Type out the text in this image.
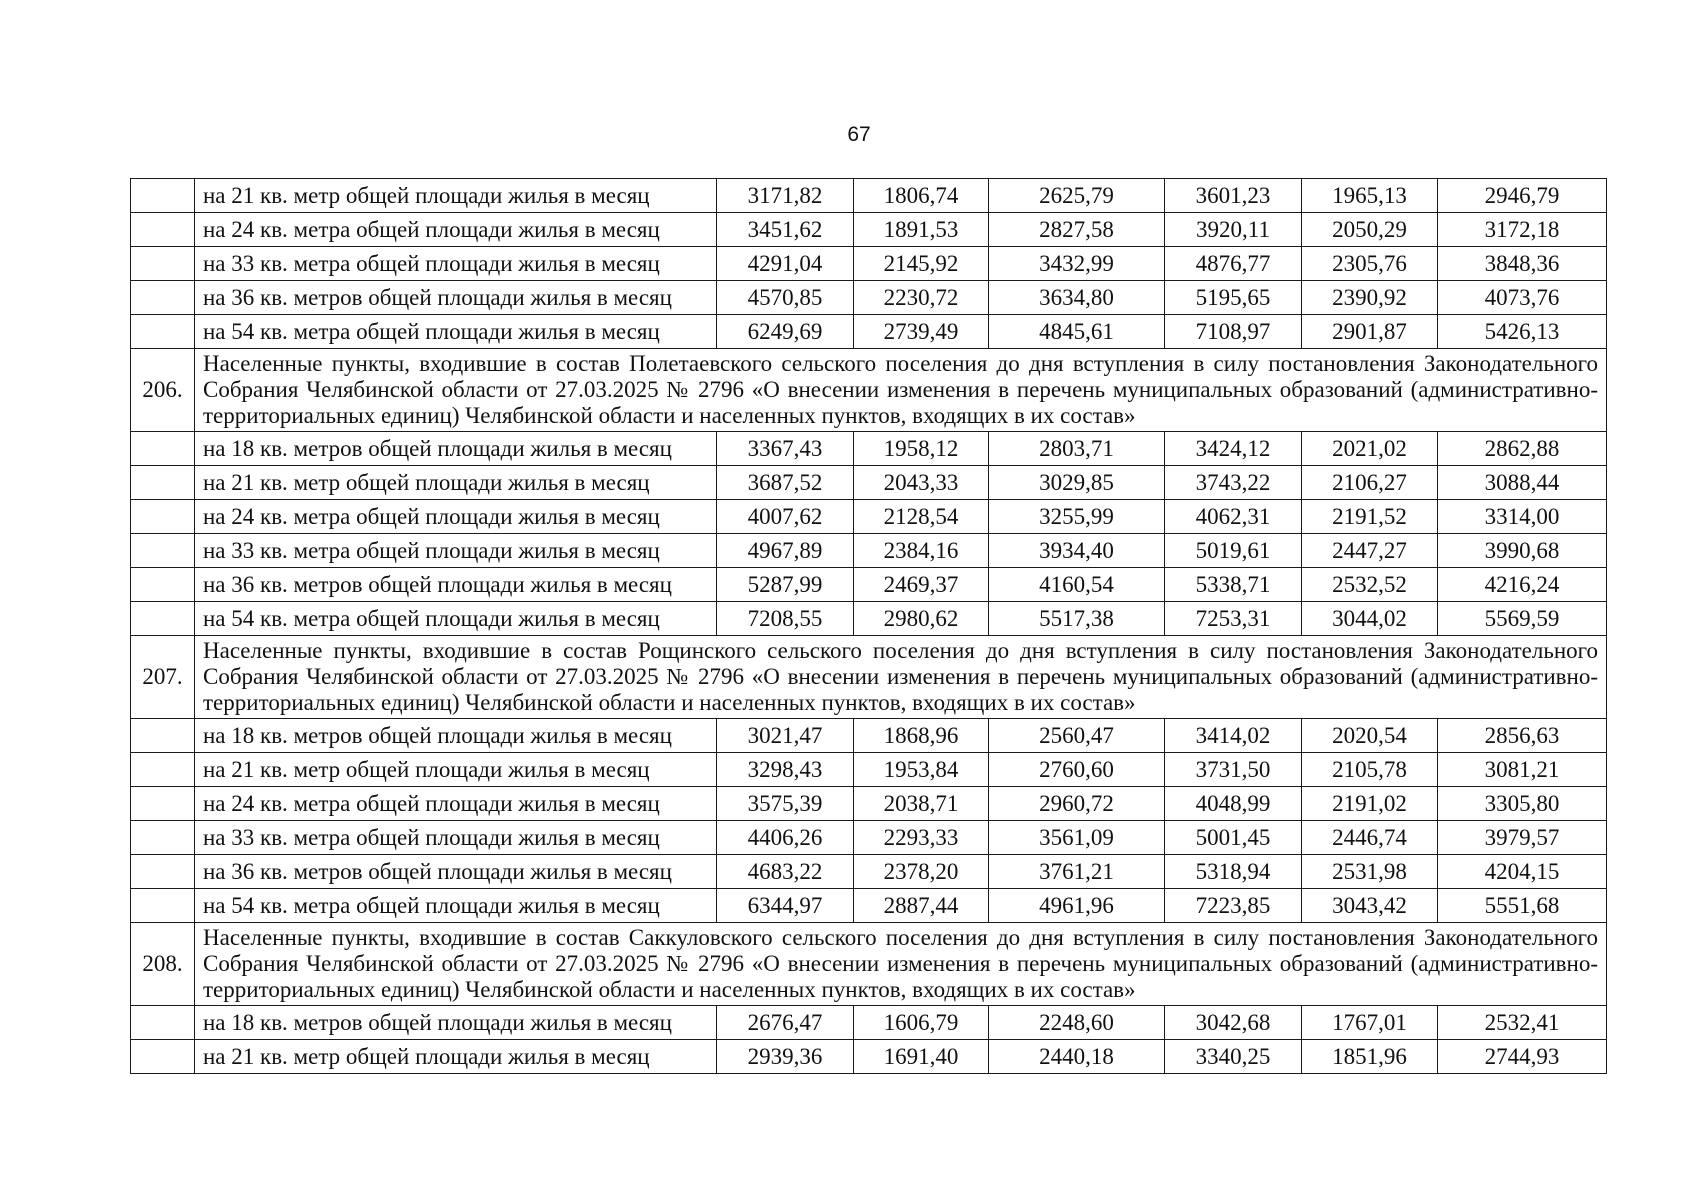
67
	на 21 кв. метр общей площади жилья в месяц	3171,82	1806,74	2625,79	3601,23	1965,13	2946,79
	на 24 кв. метра общей площади жилья в месяц	3451,62	1891,53	2827,58	3920,11	2050,29	3172,18
	на 33 кв. метра общей площади жилья в месяц	4291,04	2145,92	3432,99	4876,77	2305,76	3848,36
	на 36 кв. метров общей площади жилья в месяц	4570,85	2230,72	3634,80	5195,65	2390,92	4073,76
	на 54 кв. метра общей площади жилья в месяц	6249,69	2739,49	4845,61	7108,97	2901,87	5426,13
206.	Населенные пункты, входившие в состав Полетаевского сельского поселения до дня вступления в силу постановления Законодательного Собрания Челябинской области от 27.03.2025 № 2796 «О внесении изменения в перечень муниципальных образований (административно-территориальных единиц) Челябинской области и населенных пунктов, входящих в их состав»						
	на 18 кв. метров общей площади жилья в месяц	3367,43	1958,12	2803,71	3424,12	2021,02	2862,88
	на 21 кв. метр общей площади жилья в месяц	3687,52	2043,33	3029,85	3743,22	2106,27	3088,44
	на 24 кв. метра общей площади жилья в месяц	4007,62	2128,54	3255,99	4062,31	2191,52	3314,00
	на 33 кв. метра общей площади жилья в месяц	4967,89	2384,16	3934,40	5019,61	2447,27	3990,68
	на 36 кв. метров общей площади жилья в месяц	5287,99	2469,37	4160,54	5338,71	2532,52	4216,24
	на 54 кв. метра общей площади жилья в месяц	7208,55	2980,62	5517,38	7253,31	3044,02	5569,59
207.	Населенные пункты, входившие в состав Рощинского сельского поселения до дня вступления в силу постановления Законодательного Собрания Челябинской области от 27.03.2025 № 2796 «О внесении изменения в перечень муниципальных образований (административно-территориальных единиц) Челябинской области и населенных пунктов, входящих в их состав»						
	на 18 кв. метров общей площади жилья в месяц	3021,47	1868,96	2560,47	3414,02	2020,54	2856,63
	на 21 кв. метр общей площади жилья в месяц	3298,43	1953,84	2760,60	3731,50	2105,78	3081,21
	на 24 кв. метра общей площади жилья в месяц	3575,39	2038,71	2960,72	4048,99	2191,02	3305,80
	на 33 кв. метра общей площади жилья в месяц	4406,26	2293,33	3561,09	5001,45	2446,74	3979,57
	на 36 кв. метров общей площади жилья в месяц	4683,22	2378,20	3761,21	5318,94	2531,98	4204,15
	на 54 кв. метра общей площади жилья в месяц	6344,97	2887,44	4961,96	7223,85	3043,42	5551,68
208.	Населенные пункты, входившие в состав Саккуловского сельского поселения до дня вступления в силу постановления Законодательного Собрания Челябинской области от 27.03.2025 № 2796 «О внесении изменения в перечень муниципальных образований (административно-территориальных единиц) Челябинской области и населенных пунктов, входящих в их состав»						
	на 18 кв. метров общей площади жилья в месяц	2676,47	1606,79	2248,60	3042,68	1767,01	2532,41
	на 21 кв. метр общей площади жилья в месяц	2939,36	1691,40	2440,18	3340,25	1851,96	2744,93
